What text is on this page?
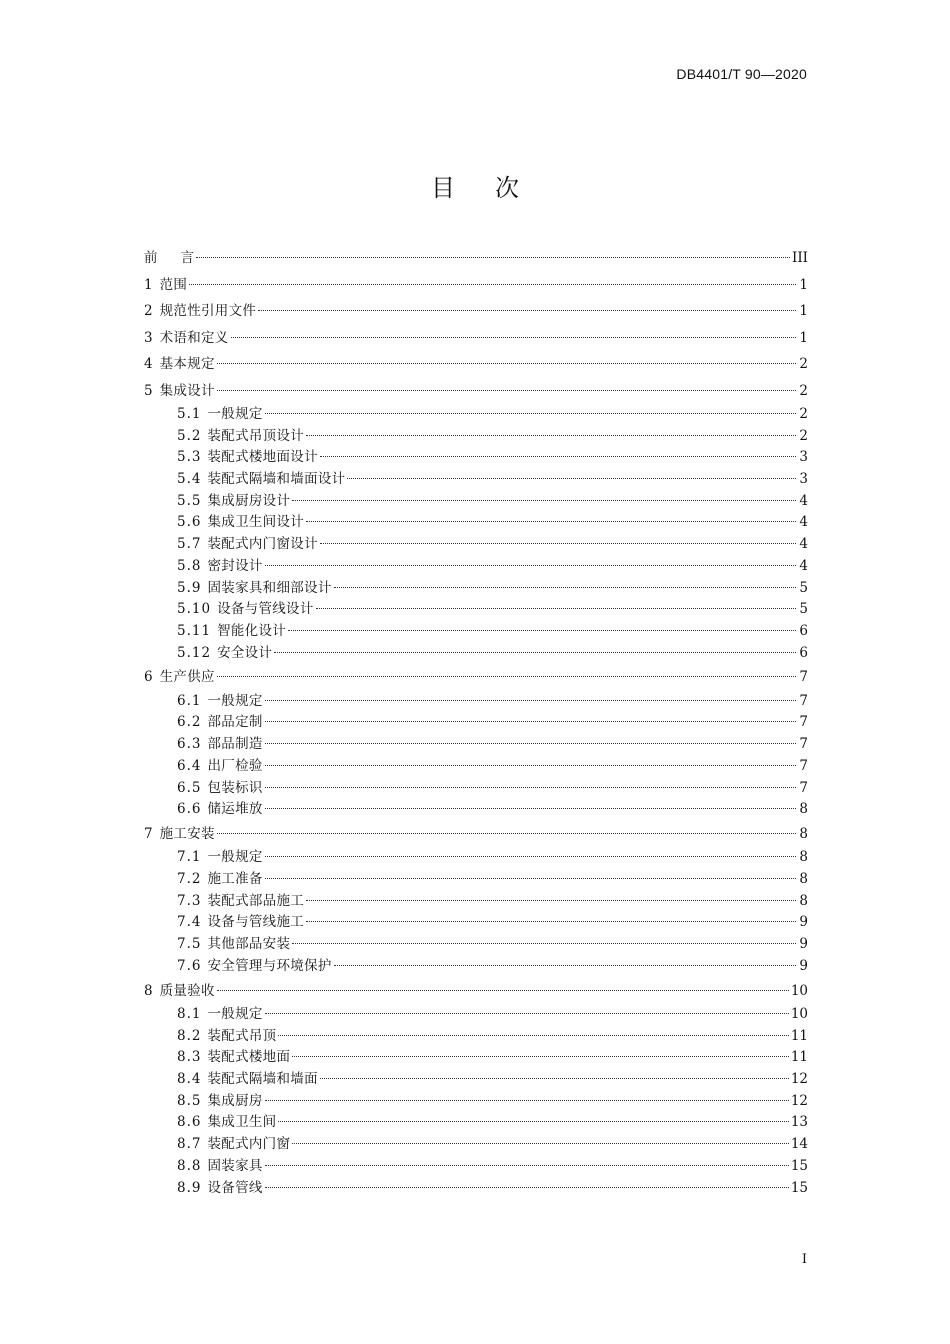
DB4401/T 90—2020
目 次
前 言	III
1 范围	1
2 规范性引用文件	1
3 术语和定义	1
4 基本规定	2
5 集成设计	2
5.1 一般规定	2
5.2 装配式吊顶设计	2
5.3 装配式楼地面设计	3
5.4 装配式隔墙和墙面设计	3
5.5 集成厨房设计	4
5.6 集成卫生间设计	4
5.7 装配式内门窗设计	4
5.8 密封设计	4
5.9 固装家具和细部设计	5
5.10 设备与管线设计	5
5.11 智能化设计	6
5.12 安全设计	6
6 生产供应	7
6.1 一般规定	7
6.2 部品定制	7
6.3 部品制造	7
6.4 出厂检验	7
6.5 包装标识	7
6.6 储运堆放	8
7 施工安装	8
7.1 一般规定	8
7.2 施工准备	8
7.3 装配式部品施工	8
7.4 设备与管线施工	9
7.5 其他部品安装	9
7.6 安全管理与环境保护	9
8 质量验收	10
8.1 一般规定	10
8.2 装配式吊顶	11
8.3 装配式楼地面	11
8.4 装配式隔墙和墙面	12
8.5 集成厨房	12
8.6 集成卫生间	13
8.7 装配式内门窗	14
8.8 固装家具	15
8.9 设备管线	15
I
